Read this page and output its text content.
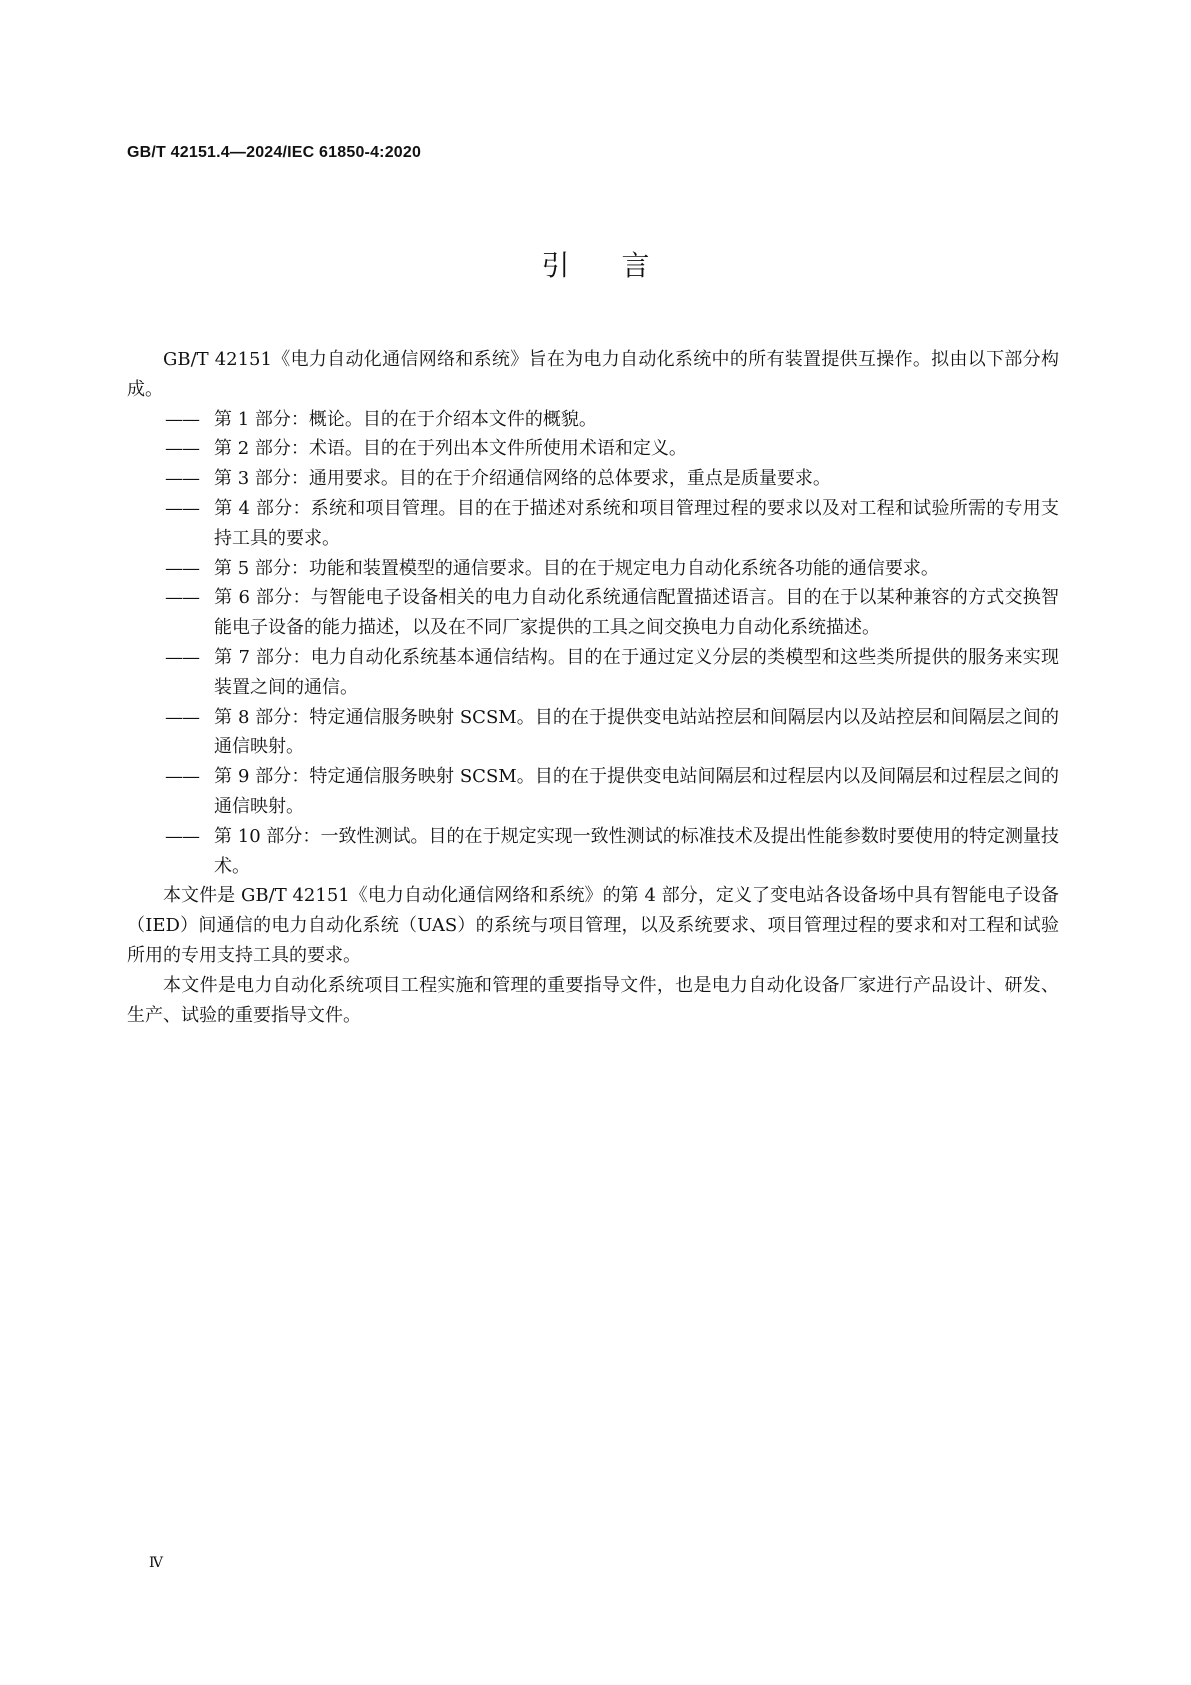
GB/T 42151.4—2024/IEC 61850-4:2020
引言

GB/T 42151《电力自动化通信网络和系统》旨在为电力自动化系统中的所有装置提供互操作。拟由以下部分构成。

—— 第 1 部分：概论。目的在于介绍本文件的概貌。
—— 第 2 部分：术语。目的在于列出本文件所使用术语和定义。
—— 第 3 部分：通用要求。目的在于介绍通信网络的总体要求，重点是质量要求。
—— 第 4 部分：系统和项目管理。目的在于描述对系统和项目管理过程的要求以及对工程和试验所需的专用支持工具的要求。
—— 第 5 部分：功能和装置模型的通信要求。目的在于规定电力自动化系统各功能的通信要求。
—— 第 6 部分：与智能电子设备相关的电力自动化系统通信配置描述语言。目的在于以某种兼容的方式交换智能电子设备的能力描述，以及在不同厂家提供的工具之间交换电力自动化系统描述。
—— 第 7 部分：电力自动化系统基本通信结构。目的在于通过定义分层的类模型和这些类所提供的服务来实现装置之间的通信。
—— 第 8 部分：特定通信服务映射 SCSM。目的在于提供变电站站控层和间隔层内以及站控层和间隔层之间的通信映射。
—— 第 9 部分：特定通信服务映射 SCSM。目的在于提供变电站间隔层和过程层内以及间隔层和过程层之间的通信映射。
—— 第 10 部分：一致性测试。目的在于规定实现一致性测试的标准技术及提出性能参数时要使用的特定测量技术。

本文件是 GB/T 42151《电力自动化通信网络和系统》的第 4 部分，定义了变电站各设备场中具有智能电子设备（IED）间通信的电力自动化系统（UAS）的系统与项目管理，以及系统要求、项目管理过程的要求和对工程和试验所用的专用支持工具的要求。

本文件是电力自动化系统项目工程实施和管理的重要指导文件，也是电力自动化设备厂家进行产品设计、研发、生产、试验的重要指导文件。

Ⅳ
